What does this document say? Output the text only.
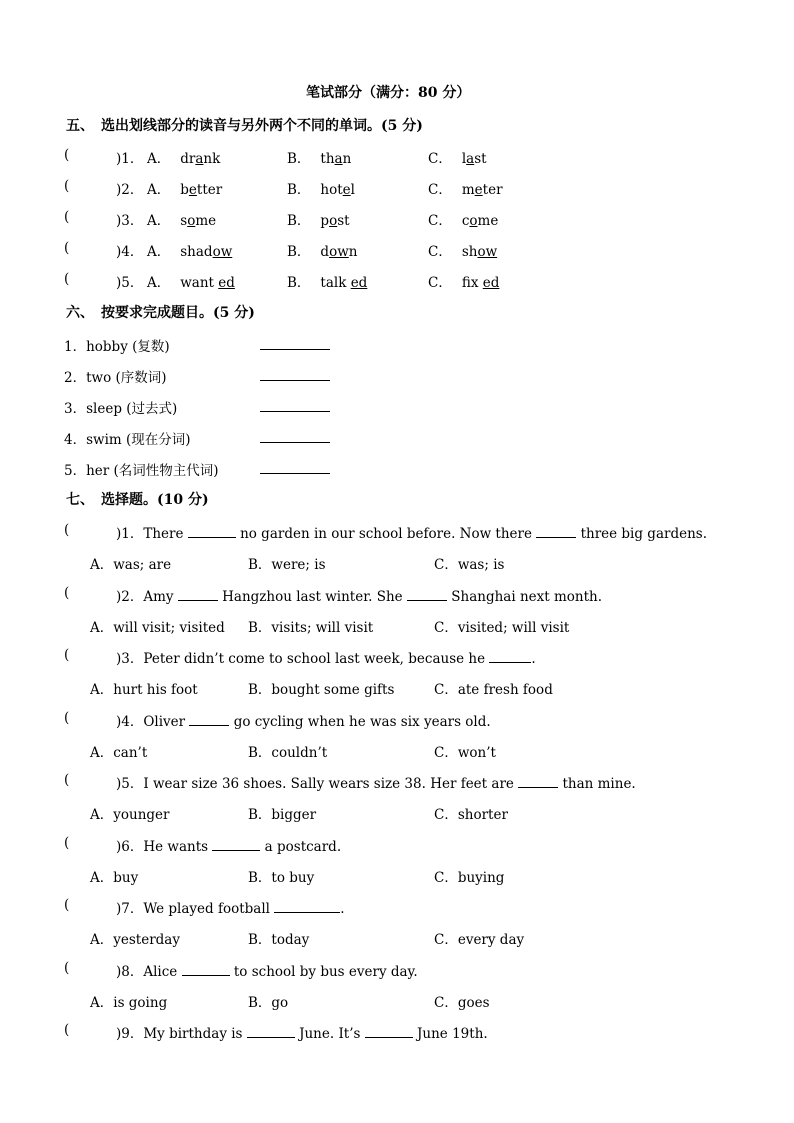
笔试部分（满分：80 分）
五、　选出划线部分的读音与另外两个不同的单词。(5 分)
(	)1． A． drank	B． than	C． last
(	)2． A． better	B． hotel	C． meter
(	)3． A． some	B． post	C． come
(	)4． A． shadow	B． down	C． show
(	)5． A． want ed	B． talk ed	C． fix ed
六、　按要求完成题目。(5 分)
1．hobby (复数)
2．two (序数词)
3．sleep (过去式)
4．swim (现在分词)
5．her (名词性物主代词)
七、　选择题。(10 分)
(	)1．There	no garden in our school before. Now there	three big gardens.
A．was; are	B．were; is	C．was; is
(	)2．Amy	Hangzhou last winter. She	Shanghai next month.
A．will visit; visited B．visits; will visit	C．visited; will visit
(	)3．Peter didn’t come to school last week, because he	.
A．hurt his foot	B．bought some gifts	C．ate fresh food
(	)4．Oliver	go cycling when he was six years old.
A．can’t	B．couldn’t	C．won’t
(	)5．I wear size 36 shoes. Sally wears size 38. Her feet are	than mine.
A．younger	B．bigger	C．shorter
(	)6．He wants	a postcard.
A．buy	B．to buy	C．buying
(	)7．We played football	.
A．yesterday	B．today	C．every day
(	)8．Alice	to school by bus every day.
A．is going	B．go	C．goes
(	)9．My birthday is	June. It’s	June 19th.
